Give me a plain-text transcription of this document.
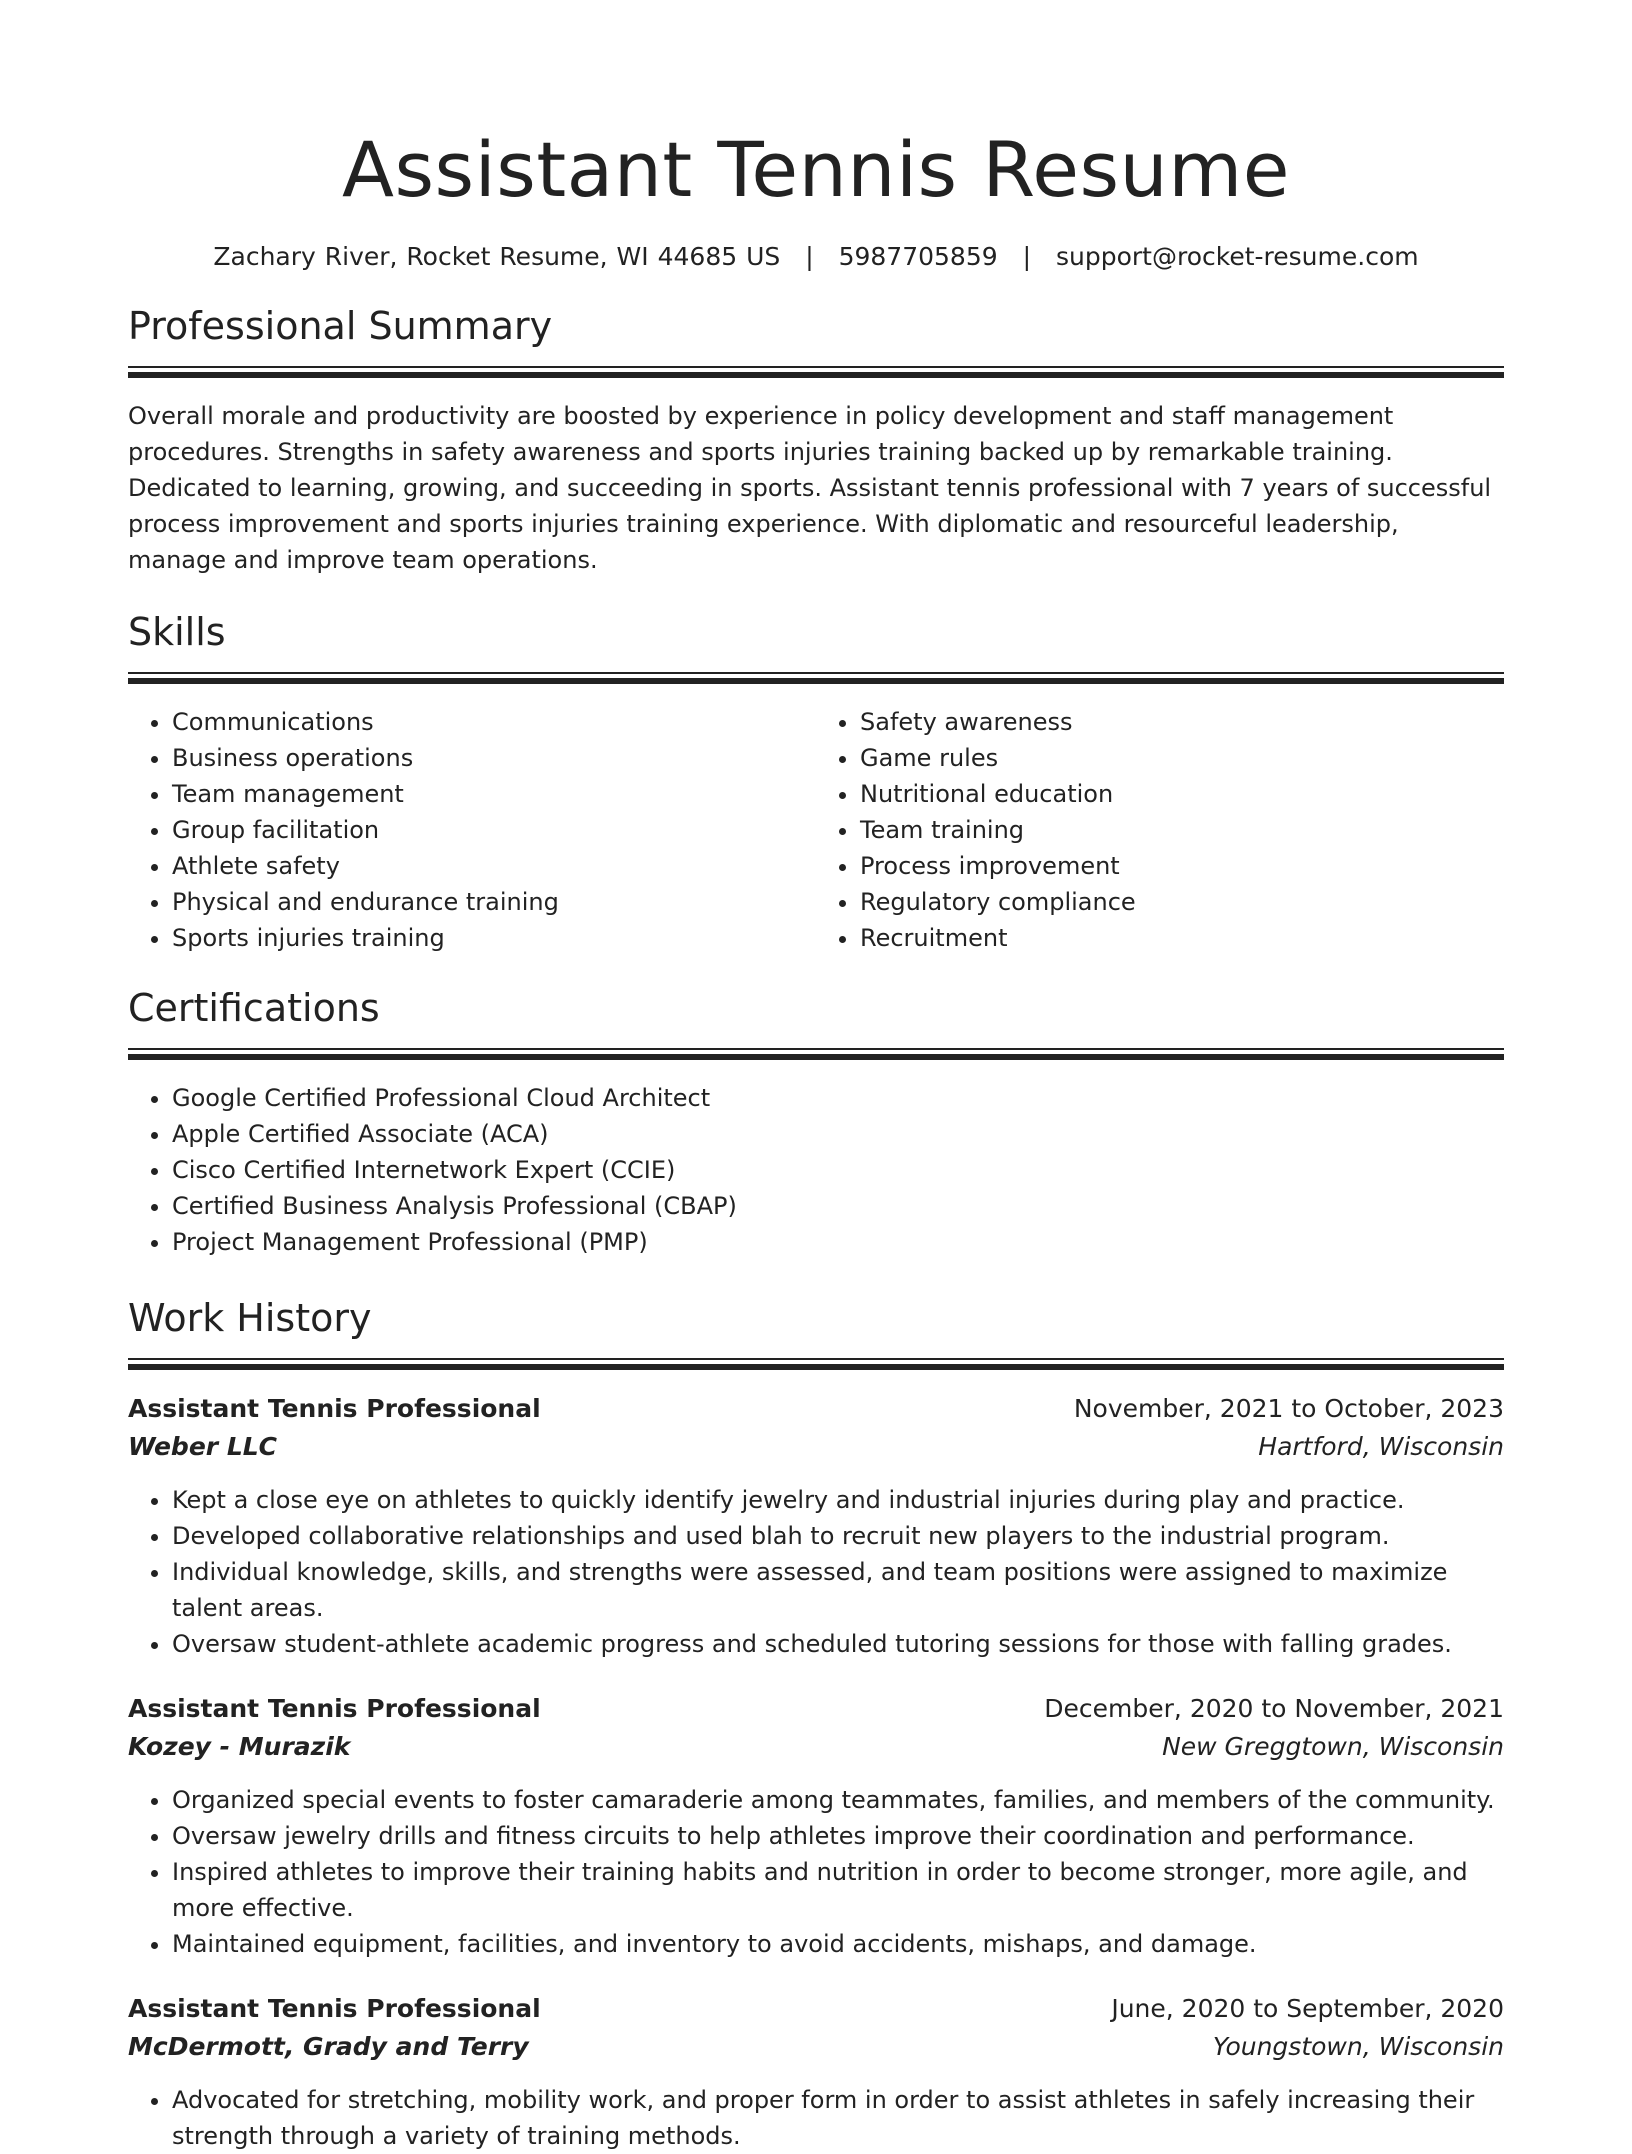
Assistant Tennis Resume
Zachary River, Rocket Resume, WI 44685 US | 5987705859 | support@rocket-resume.com
Professional Summary

Overall morale and productivity are boosted by experience in policy development and staff management procedures. Strengths in safety awareness and sports injuries training backed up by remarkable training. Dedicated to learning, growing, and succeeding in sports. Assistant tennis professional with 7 years of successful process improvement and sports injuries training experience. With diplomatic and resourceful leadership, manage and improve team operations.

Skills
• Communications
• Business operations
• Team management
• Group facilitation
• Athlete safety
• Physical and endurance training
• Sports injuries training
• Safety awareness
• Game rules
• Nutritional education
• Team training
• Process improvement
• Regulatory compliance
• Recruitment
Certifications
• Google Certified Professional Cloud Architect
• Apple Certified Associate (ACA)
• Cisco Certified Internetwork Expert (CCIE)
• Certified Business Analysis Professional (CBAP)
• Project Management Professional (PMP)
Work History
Assistant Tennis Professional	November, 2021 to October, 2023
Weber LLC	Hartford, Wisconsin
• Kept a close eye on athletes to quickly identify jewelry and industrial injuries during play and practice.
• Developed collaborative relationships and used blah to recruit new players to the industrial program.
• Individual knowledge, skills, and strengths were assessed, and team positions were assigned to maximize talent areas.
• Oversaw student-athlete academic progress and scheduled tutoring sessions for those with falling grades.
Assistant Tennis Professional	December, 2020 to November, 2021
Kozey - Murazik	New Greggtown, Wisconsin
• Organized special events to foster camaraderie among teammates, families, and members of the community.
• Oversaw jewelry drills and fitness circuits to help athletes improve their coordination and performance.
• Inspired athletes to improve their training habits and nutrition in order to become stronger, more agile, and more effective.
• Maintained equipment, facilities, and inventory to avoid accidents, mishaps, and damage.
Assistant Tennis Professional	June, 2020 to September, 2020
McDermott, Grady and Terry	Youngstown, Wisconsin
• Advocated for stretching, mobility work, and proper form in order to assist athletes in safely increasing their strength through a variety of training methods.
